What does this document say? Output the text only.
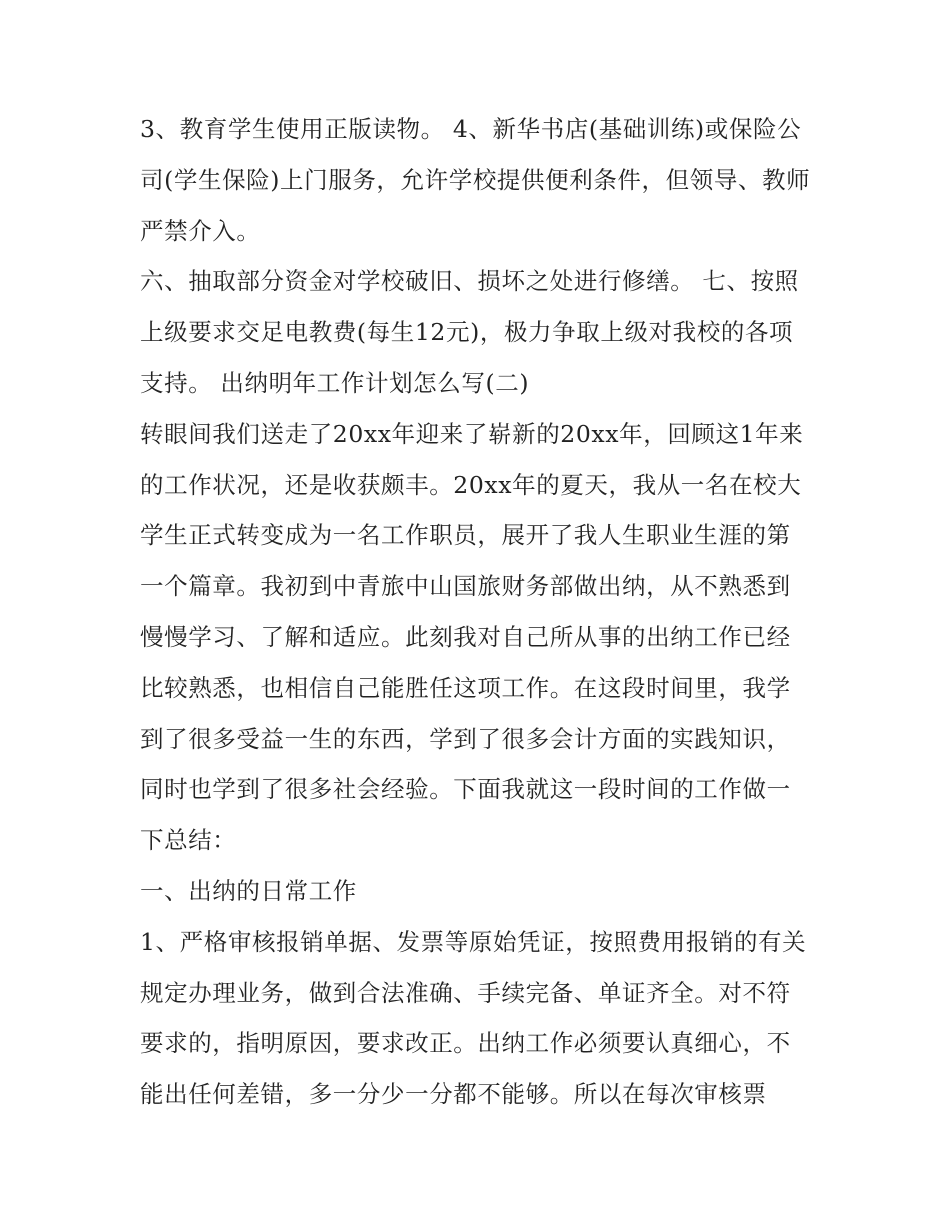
3、教育学生使用正版读物。 4、新华书店(基础训练)或保险公司(学生保险)上门服务，允许学校提供便利条件，但领导、教师严禁介入。

六、抽取部分资金对学校破旧、损坏之处进行修缮。 七、按照上级要求交足电教费(每生12元)，极力争取上级对我校的各项支持。 出纳明年工作计划怎么写(二)

转眼间我们送走了20xx年迎来了崭新的20xx年，回顾这1年来的工作状况，还是收获颇丰。20xx年的夏天，我从一名在校大学生正式转变成为一名工作职员，展开了我人生职业生涯的第一个篇章。我初到中青旅中山国旅财务部做出纳，从不熟悉到慢慢学习、了解和适应。此刻我对自己所从事的出纳工作已经比较熟悉，也相信自己能胜任这项工作。在这段时间里，我学到了很多受益一生的东西，学到了很多会计方面的实践知识，同时也学到了很多社会经验。下面我就这一段时间的工作做一下总结：

一、出纳的日常工作

1、严格审核报销单据、发票等原始凭证，按照费用报销的有关规定办理业务，做到合法准确、手续完备、单证齐全。对不符要求的，指明原因，要求改正。出纳工作必须要认真细心，不能出任何差错，多一分少一分都不能够。所以在每次审核票
